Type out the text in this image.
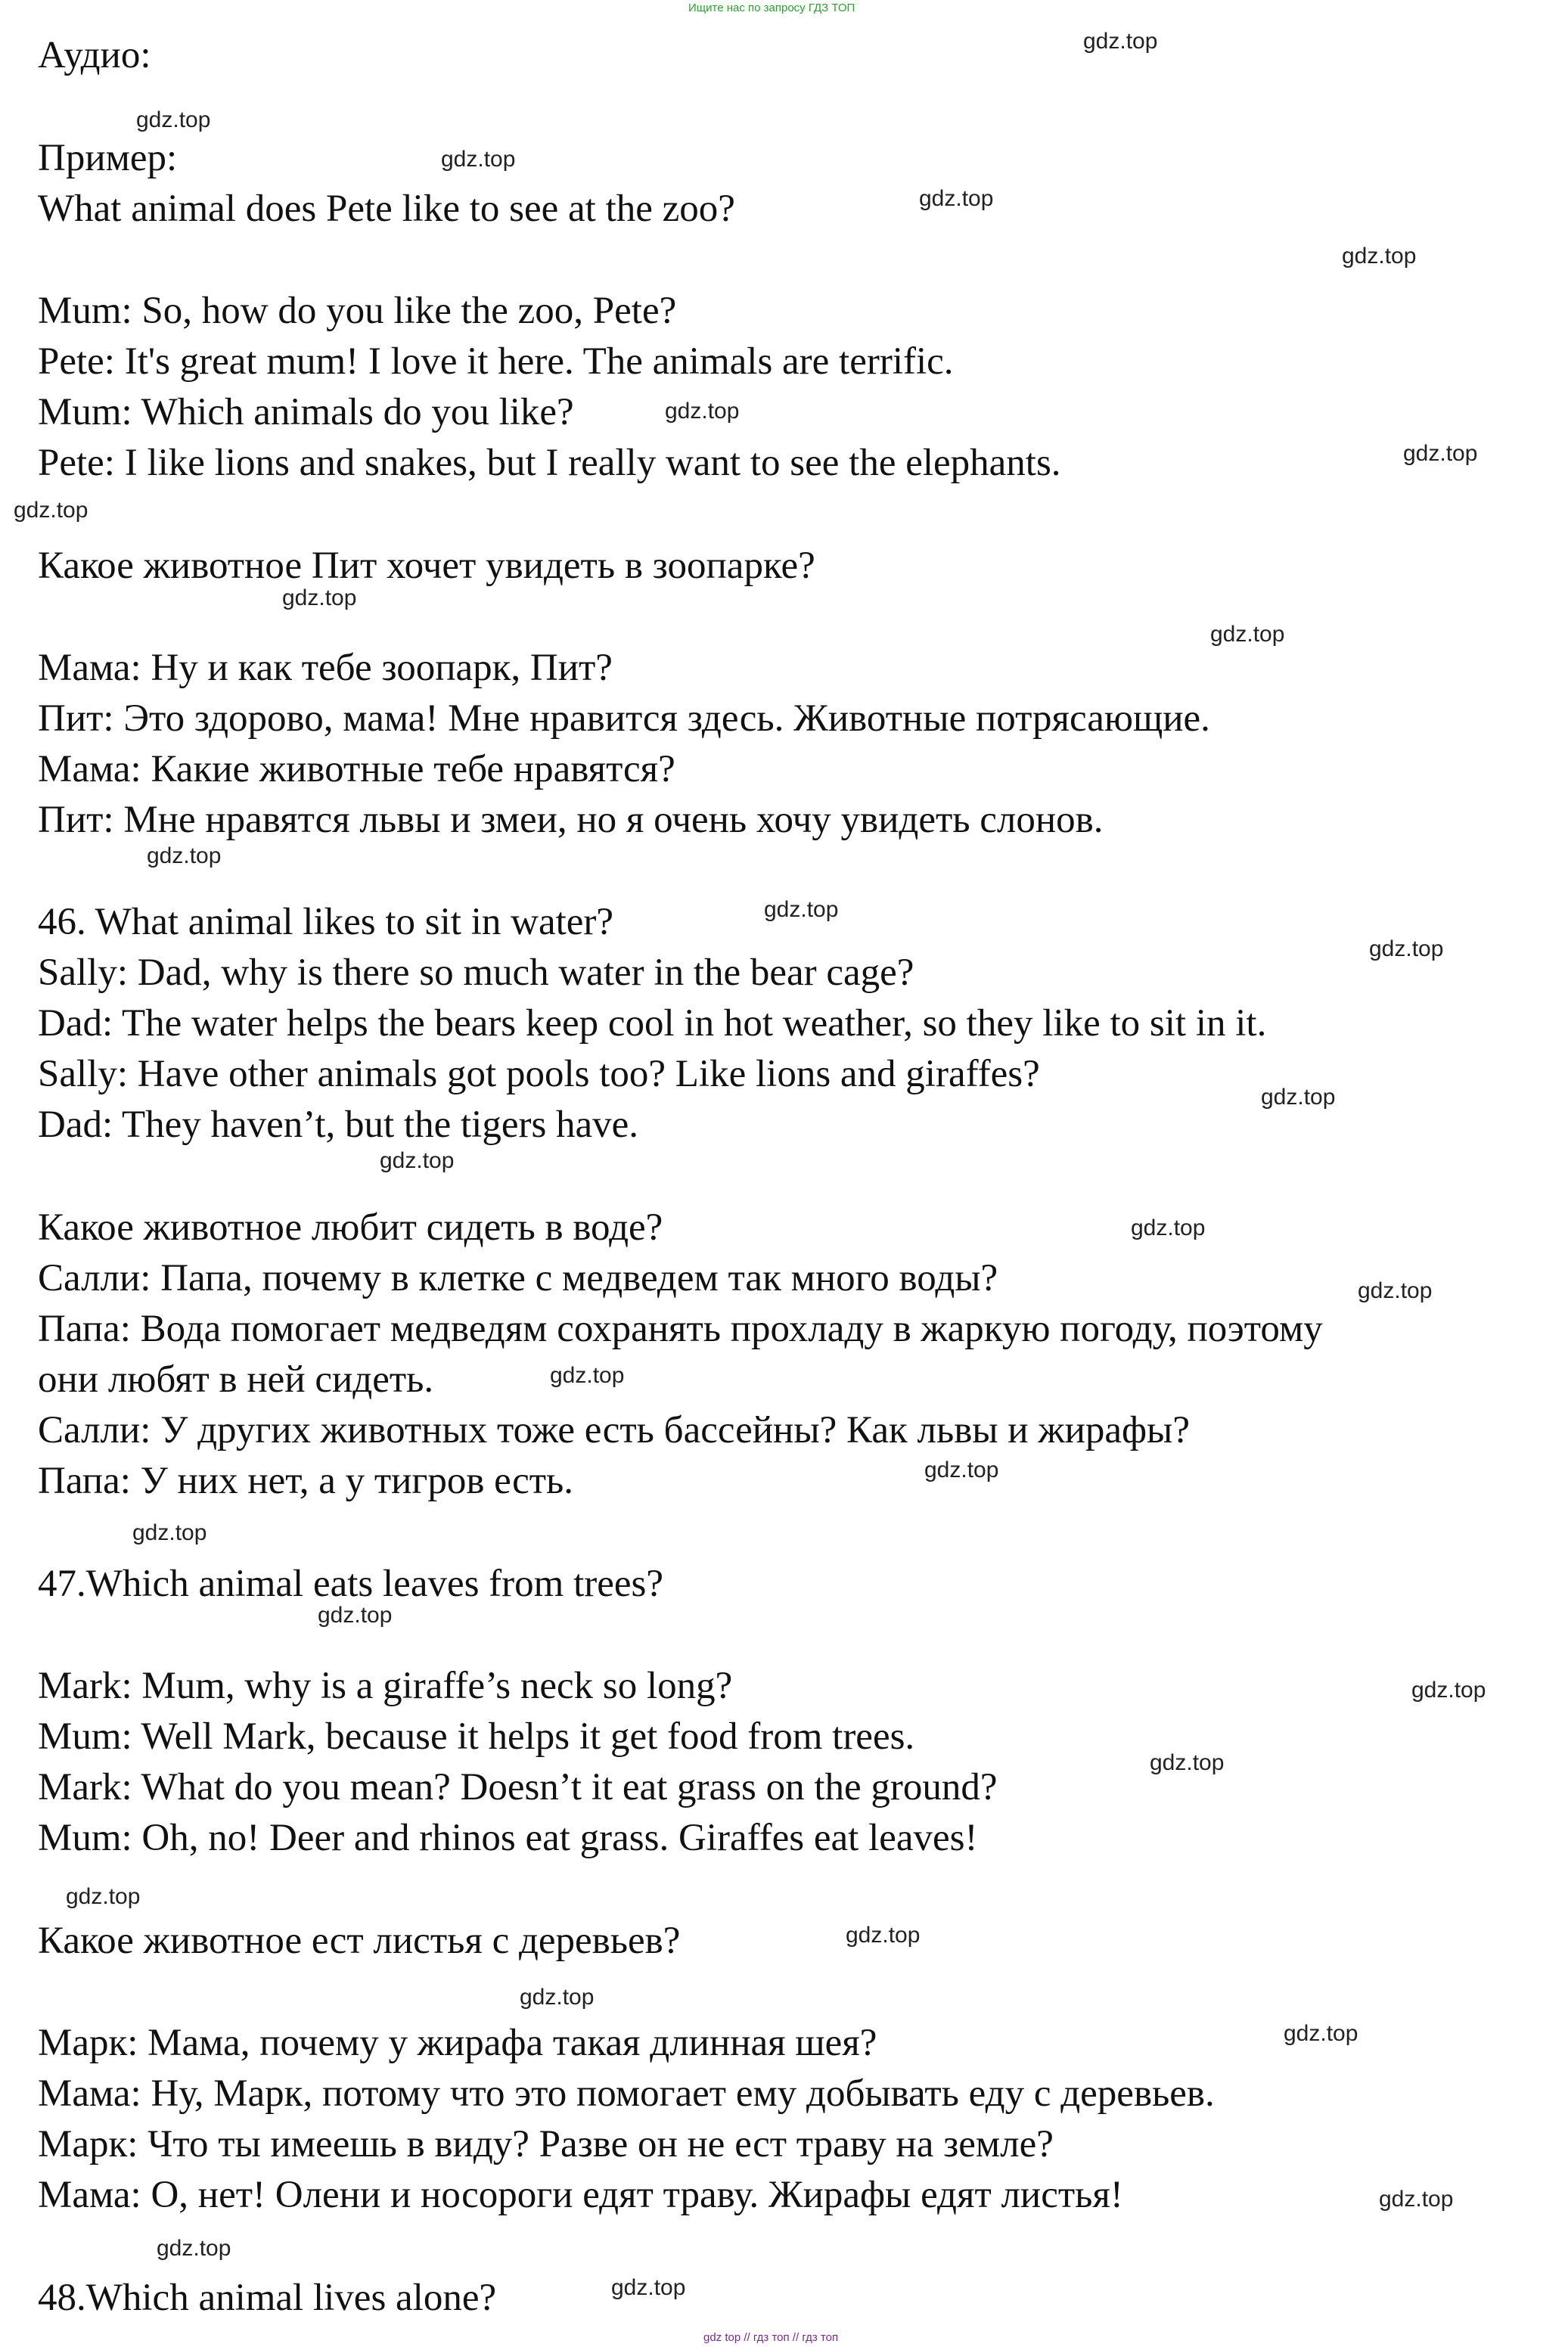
Ищите нас по запросу ГДЗ ТОП
Аудио:
Пример:
What animal does Pete like to see at the zoo?
Mum: So, how do you like the zoo, Pete?
Pete: It's great mum! I love it here. The animals are terrific.
Mum: Which animals do you like?
Pete: I like lions and snakes, but I really want to see the elephants.
Какое животное Пит хочет увидеть в зоопарке?
Мама: Ну и как тебе зоопарк, Пит?
Пит: Это здорово, мама! Мне нравится здесь. Животные потрясающие.
Мама: Какие животные тебе нравятся?
Пит: Мне нравятся львы и змеи, но я очень хочу увидеть слонов.
46. What animal likes to sit in water?
Sally: Dad, why is there so much water in the bear cage?
Dad: The water helps the bears keep cool in hot weather, so they like to sit in it.
Sally: Have other animals got pools too? Like lions and giraffes?
Dad: They haven’t, but the tigers have.
Какое животное любит сидеть в воде?
Салли: Папа, почему в клетке с медведем так много воды?
Папа: Вода помогает медведям сохранять прохладу в жаркую погоду, поэтому
они любят в ней сидеть.
Салли: У других животных тоже есть бассейны? Как львы и жирафы?
Папа: У них нет, а у тигров есть.
47.Which animal eats leaves from trees?
Mark: Mum, why is a giraffe’s neck so long?
Mum: Well Mark, because it helps it get food from trees.
Mark: What do you mean? Doesn’t it eat grass on the ground?
Mum: Oh, no! Deer and rhinos eat grass. Giraffes eat leaves!
Какое животное ест листья с деревьев?
Марк: Мама, почему у жирафа такая длинная шея?
Мама: Ну, Марк, потому что это помогает ему добывать еду с деревьев.
Марк: Что ты имеешь в виду? Разве он не ест траву на земле?
Мама: О, нет! Олени и носороги едят траву. Жирафы едят листья!
48.Which animal lives alone?
gdz.top
gdz.top
gdz.top
gdz.top
gdz.top
gdz.top
gdz.top
gdz.top
gdz.top
gdz.top
gdz.top
gdz.top
gdz.top
gdz.top
gdz.top
gdz.top
gdz.top
gdz.top
gdz.top
gdz.top
gdz.top
gdz.top
gdz.top
gdz.top
gdz.top
gdz.top
gdz.top
gdz.top
gdz.top
gdz.top
gdz top // гдз топ // гдз топ
